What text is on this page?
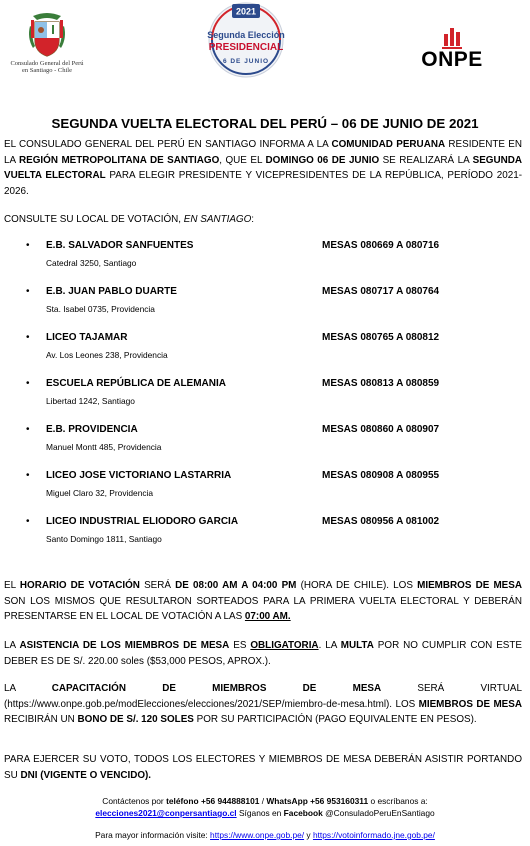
Consulado General del Perú
en Santiago - Chile
2021
Segunda Elección
PRESIDENCIAL
6 DE JUNIO	ONPE
SEGUNDA VUELTA ELECTORAL DEL PERÚ – 06 DE JUNIO DE 2021
EL CONSULADO GENERAL DEL PERÚ EN SANTIAGO INFORMA A LA COMUNIDAD PERUANA RESIDENTE EN LA REGIÓN METROPOLITANA DE SANTIAGO, QUE EL DOMINGO 06 DE JUNIO SE REALIZARÁ LA SEGUNDA VUELTA ELECTORAL PARA ELEGIR PRESIDENTE Y VICEPRESIDENTES DE LA REPÚBLICA, PERÍODO 2021-2026.
CONSULTE SU LOCAL DE VOTACIÓN, EN SANTIAGO:
• E.B. SALVADOR SANFUENTES
Catedral 3250, Santiago
MESAS 080669 A 080716
• E.B. JUAN PABLO DUARTE
Sta. Isabel 0735, Providencia
MESAS 080717 A 080764
• LICEO TAJAMAR
Av. Los Leones 238, Providencia
MESAS 080765 A 080812
• ESCUELA REPÚBLICA DE ALEMANIA
Libertad 1242, Santiago
MESAS 080813 A 080859
• E.B. PROVIDENCIA
Manuel Montt 485, Providencia
MESAS 080860 A 080907
• LICEO JOSE VICTORIANO LASTARRIA
Miguel Claro 32, Providencia
MESAS 080908 A 080955
• LICEO INDUSTRIAL ELIODORO GARCIA
Santo Domingo 1811, Santiago
MESAS 080956 A 081002
EL HORARIO DE VOTACIÓN SERÁ DE 08:00 AM A 04:00 PM (HORA DE CHILE). LOS MIEMBROS DE MESA SON LOS MISMOS QUE RESULTARON SORTEADOS PARA LA PRIMERA VUELTA ELECTORAL Y DEBERÁN PRESENTARSE EN EL LOCAL DE VOTACIÓN A LAS 07:00 AM.
LA ASISTENCIA DE LOS MIEMBROS DE MESA ES OBLIGATORIA. LA MULTA POR NO CUMPLIR CON ESTE DEBER ES DE S/. 220.00 soles ($53,000 PESOS, APROX.).
LA CAPACITACIÓN DE MIEMBROS DE MESA SERÁ VIRTUAL (https://www.onpe.gob.pe/modElecciones/elecciones/2021/SEP/miembro-de-mesa.html). LOS MIEMBROS DE MESA RECIBIRÁN UN BONO DE S/. 120 SOLES POR SU PARTICIPACIÓN (PAGO EQUIVALENTE EN PESOS).
PARA EJERCER SU VOTO, TODOS LOS ELECTORES Y MIEMBROS DE MESA DEBERÁN ASISTIR PORTANDO SU DNI (VIGENTE O VENCIDO).
Contáctenos por teléfono +56 944888101 / WhatsApp +56 953160311 o escríbanos a:
elecciones2021@conpersantiago.cl Síganos en Facebook @ConsuladoPeruEnSantiago
Para mayor información visite: https://www.onpe.gob.pe/ y https://votoinformado.jne.gob.pe/
